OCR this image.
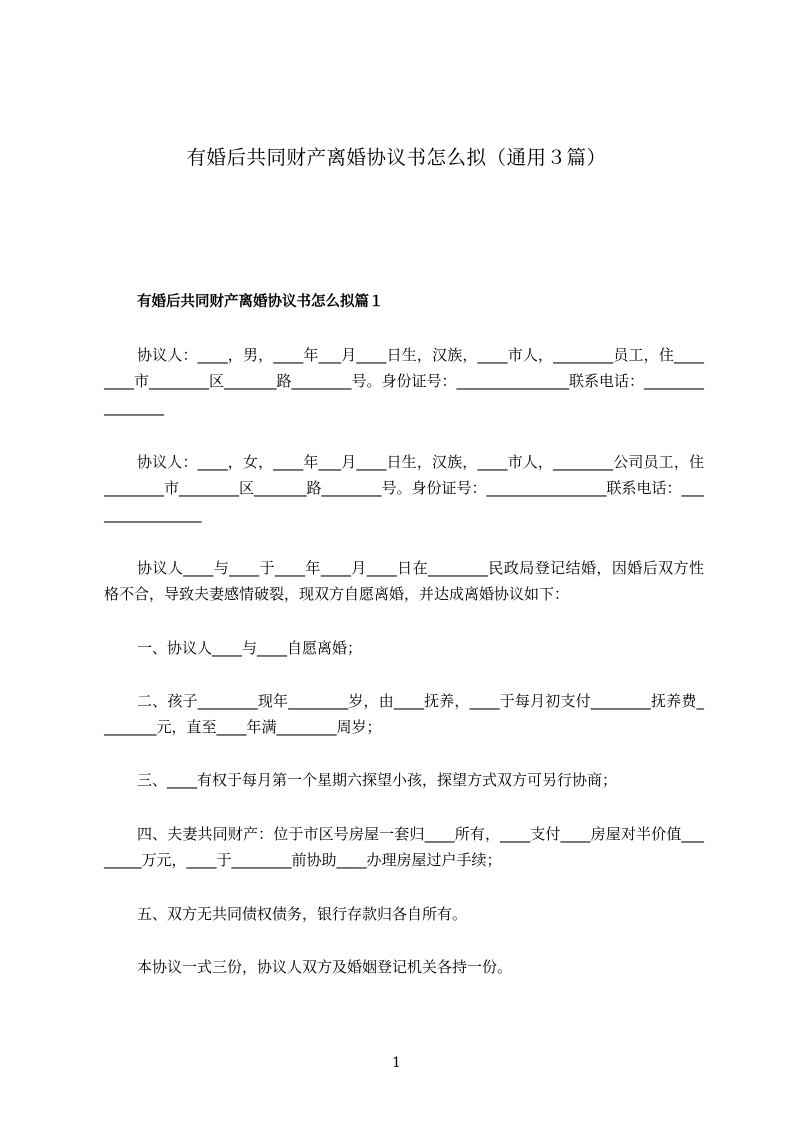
有婚后共同财产离婚协议书怎么拟（通用３篇）
有婚后共同财产离婚协议书怎么拟篇１

协议人：____，男，____年___月____日生，汉族，____市人，________员工，住________市________区_______路________号。身份证号：_______________联系电话：________________

协议人：____，女，____年___月____日生，汉族，____市人，________公司员工，住________市________区_______路________号。身份证号：________________联系电话：________________

协议人____与____于____年____月____日在________民政局登记结婚，因婚后双方性格不合，导致夫妻感情破裂，现双方自愿离婚，并达成离婚协议如下：

一、协议人____与____自愿离婚；

二、孩子________现年________岁，由____抚养，____于每月初支付________抚养费________元，直至____年满________周岁；

三、____有权于每月第一个星期六探望小孩，探望方式双方可另行协商；

四、夫妻共同财产：位于市区号房屋一套归____所有，____支付____房屋对半价值________万元，____于________前协助____办理房屋过户手续；

五、双方无共同债权债务，银行存款归各自所有。

本协议一式三份，协议人双方及婚姻登记机关各持一份。

1
